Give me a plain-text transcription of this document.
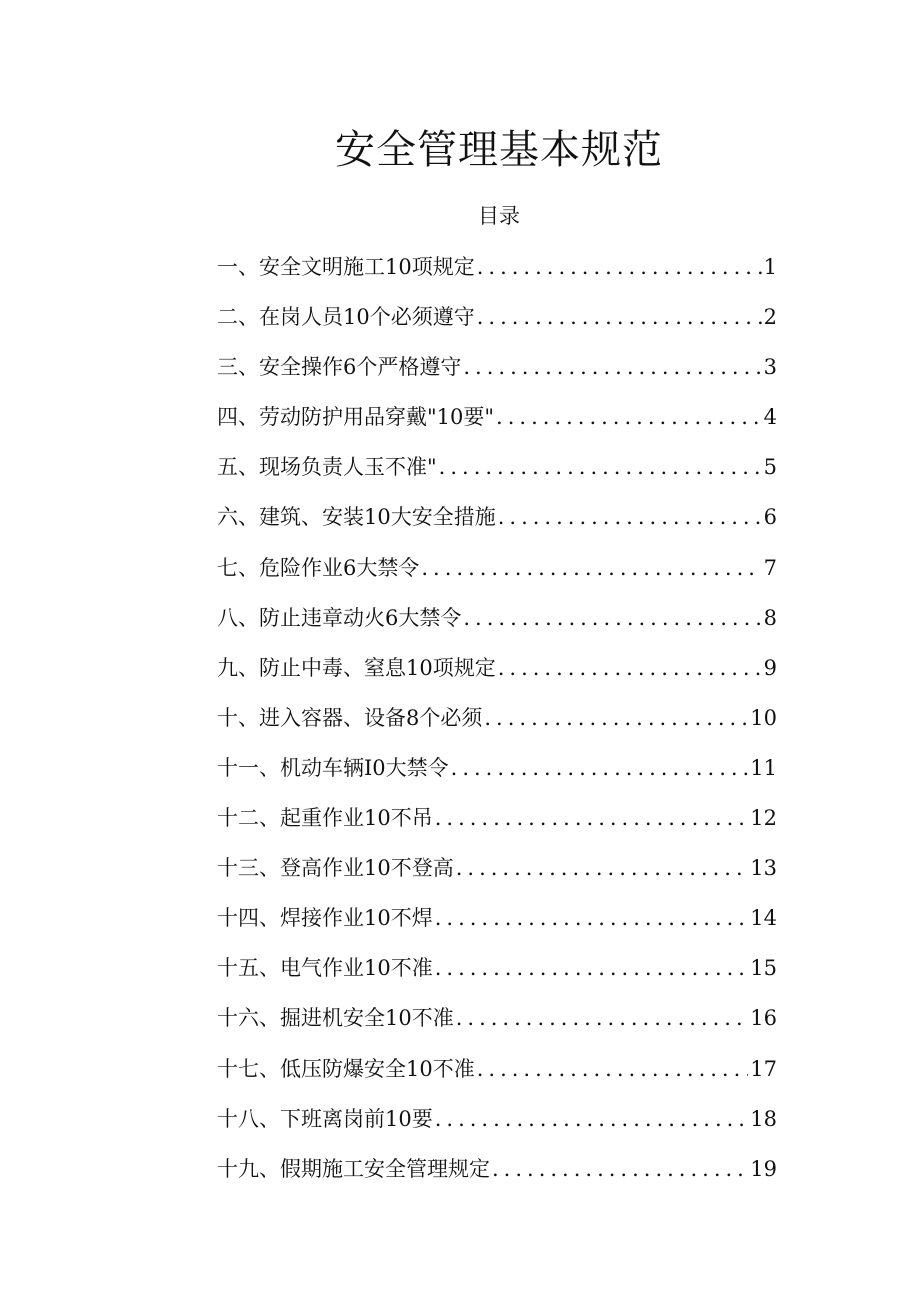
安全管理基本规范
目录
一、安全文明施工10项规定 .....	1
二、在岗人员10个必须遵守 .....	2
三、安全操作6个严格遵守 .....	3
四、劳动防护用品穿戴"10要" .....	4
五、现场负责人玉不准" .....	5
六、建筑、安装10大安全措施 .....	6
七、危险作业6大禁令 .....	7
八、防止违章动火6大禁令 .....	8
九、防止中毒、窒息10项规定 .....	9
十、进入容器、设备8个必须 .....	10
十一、机动车辆I0大禁令 .....	11
十二、起重作业10不吊 .....	12
十三、登高作业10不登高 .....	13
十四、焊接作业10不焊 .....	14
十五、电气作业10不准 .....	15
十六、掘进机安全10不准 .....	16
十七、低压防爆安全10不准 .....	17
十八、下班离岗前10要 .....	18
十九、假期施工安全管理规定 .....	19
